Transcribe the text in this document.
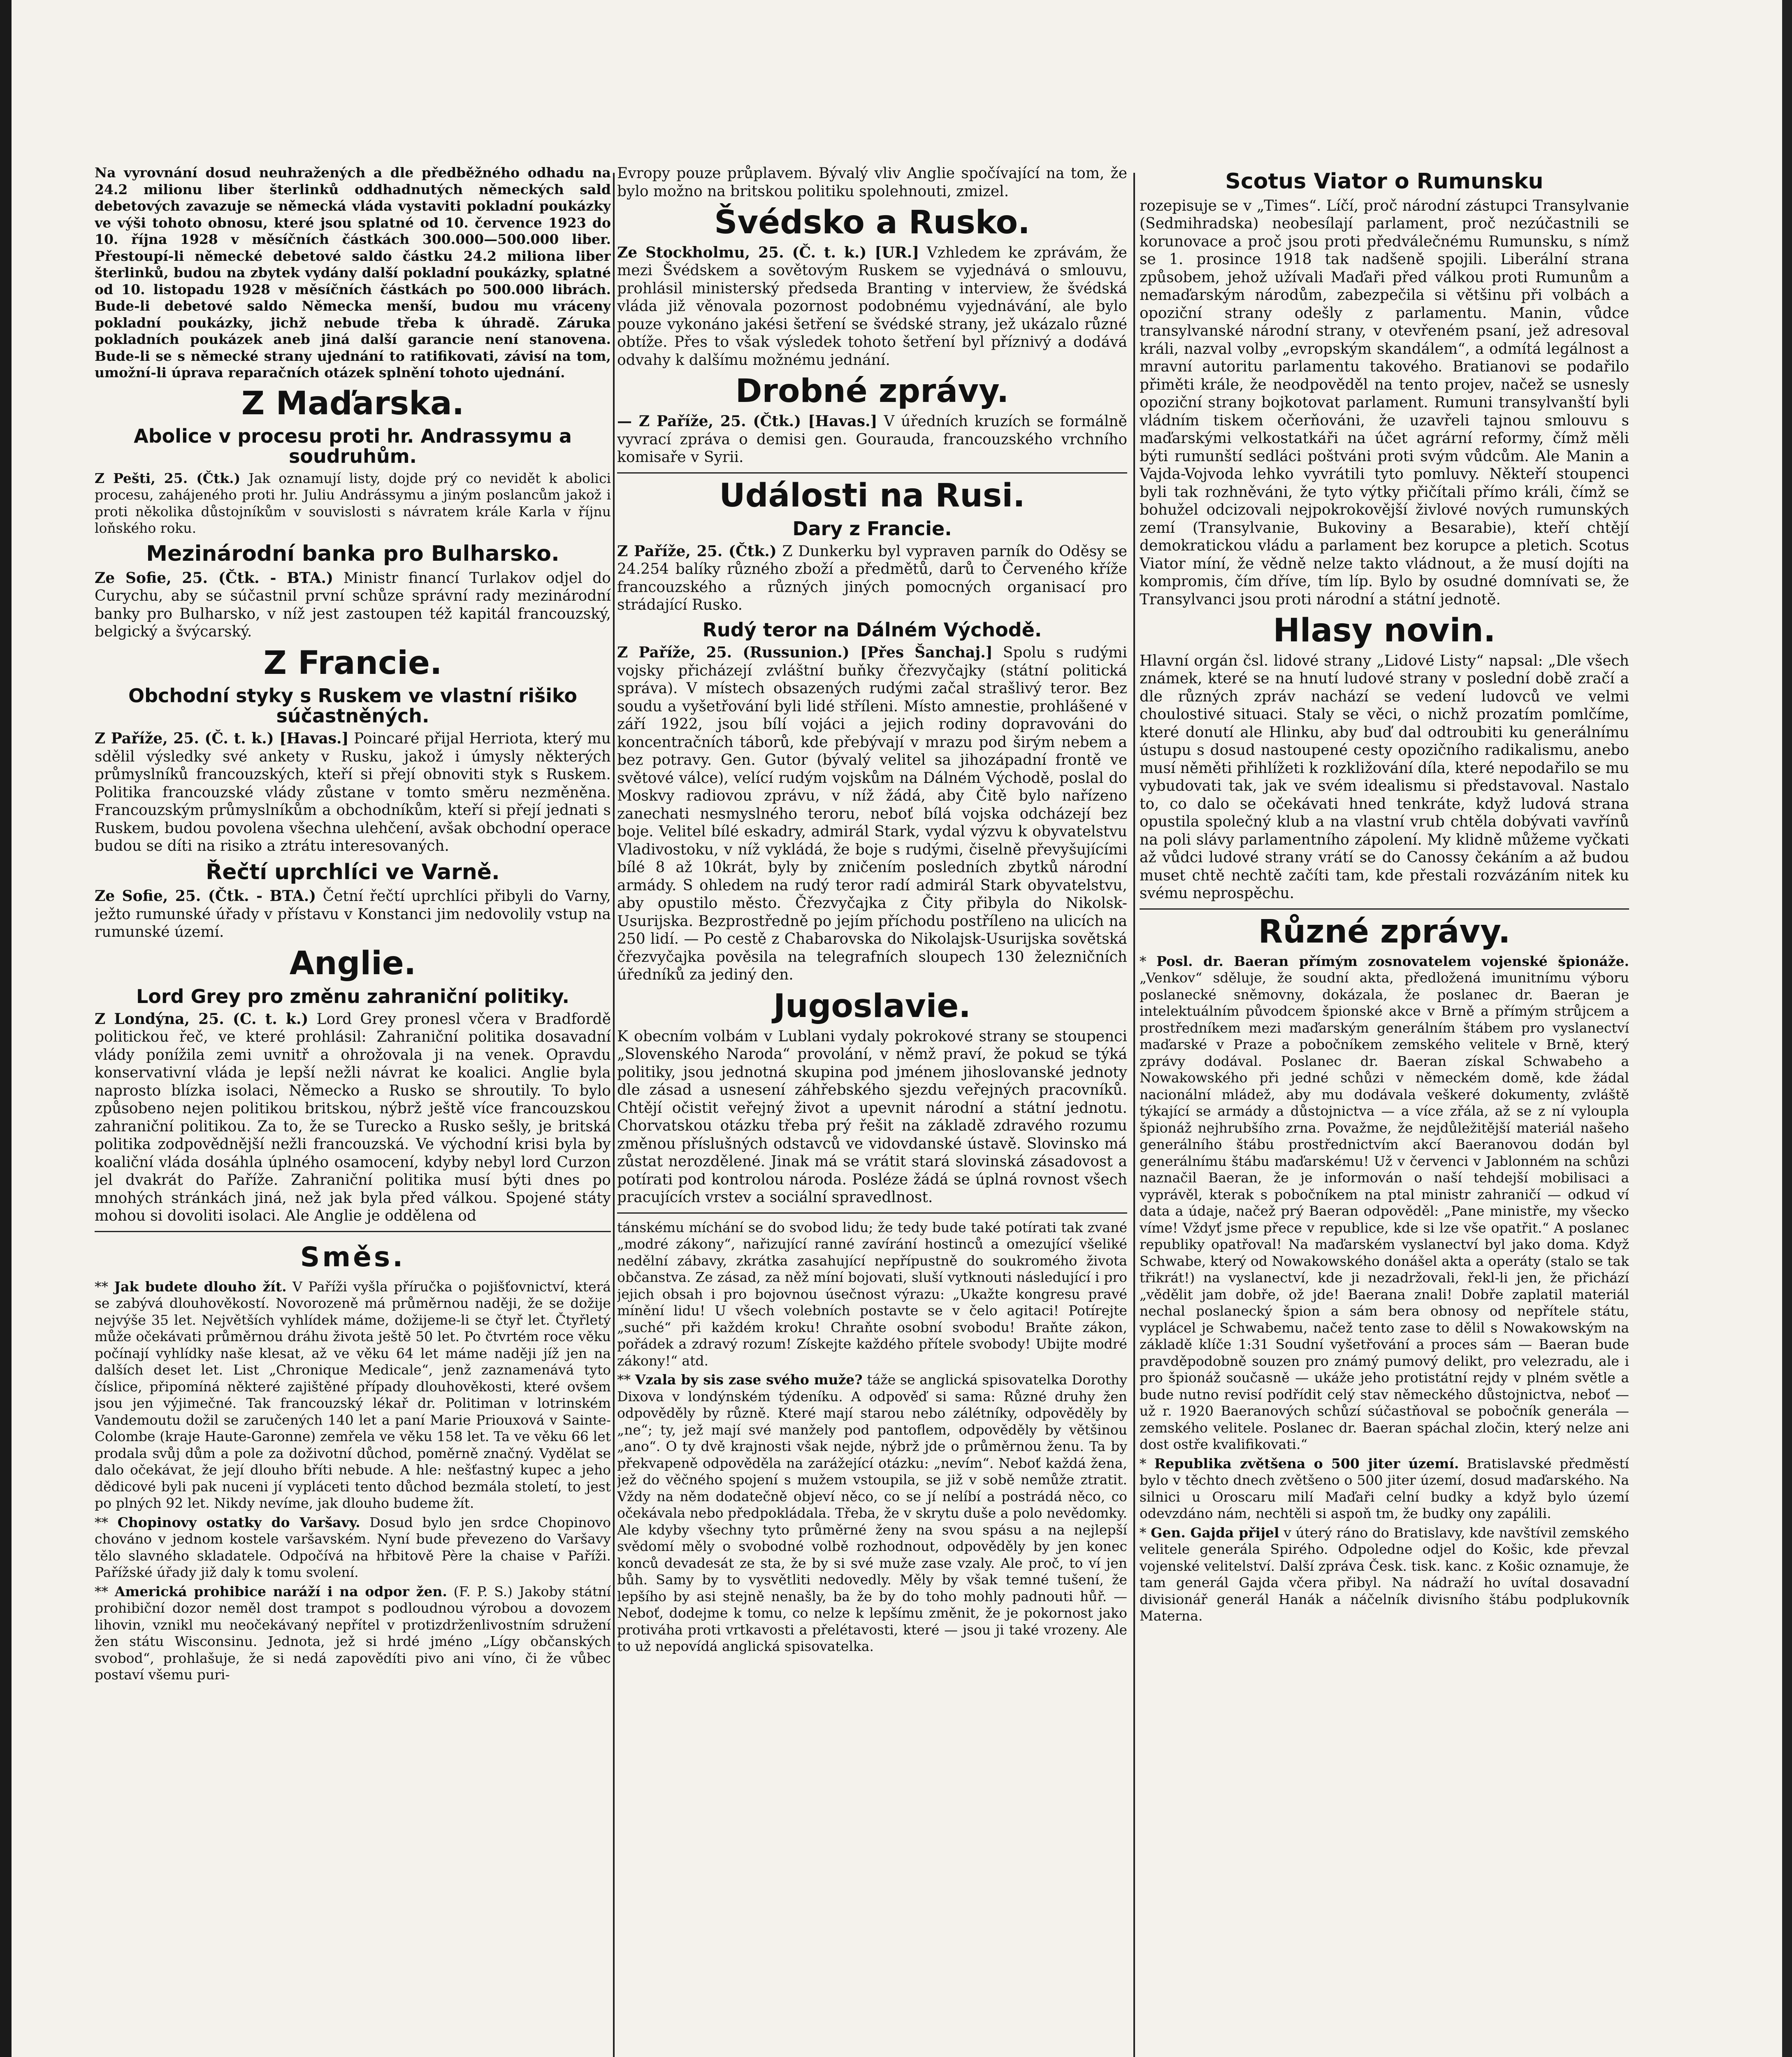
Na vyrovnání dosud neuhražených a dle předběžného odhadu na 24.2 milionu liber šterlinků oddhadnutých německých sald debetových zavazuje se německá vláda vystaviti pokladní poukázky ve výši tohoto obnosu, které jsou splatné od 10. července 1923 do 10. října 1928 v měsíčních částkách 300.000—500.000 liber. Přestoupí-li německé debetové saldo částku 24.2 miliona liber šterlinků, budou na zbytek vydány další pokladní poukázky, splatné od 10. listopadu 1928 v měsíčních částkách po 500.000 librách. Bude-li debetové saldo Německa menší, budou mu vráceny pokladní poukázky, jichž nebude třeba k úhradě. Záruka pokladních poukázek aneb jiná další garancie není stanovena. Bude-li se s německé strany ujednání to ratifikovati, závisí na tom, umožní-li úprava reparačních otázek splnění tohoto ujednání.

Z Maďarska.
Abolice v procesu proti hr. Andrassymu a soudruhům.

Z Pešti, 25. (Čtk.) Jak oznamují listy, dojde prý co nevidět k abolici procesu, zahájeného proti hr. Juliu Andrássymu a jiným poslancům jakož i proti několika důstojníkům v souvislosti s návratem krále Karla v říjnu loňského roku.

Mezinárodní banka pro Bulharsko.

Ze Sofie, 25. (Čtk. - BTA.) Ministr financí Turlakov odjel do Curychu, aby se súčastnil první schůze správní rady mezinárodní banky pro Bulharsko, v níž jest zastoupen též kapitál francouzský, belgický a švýcarský.

Z Francie.
Obchodní styky s Ruskem ve vlastní rišiko súčastněných.

Z Paříže, 25. (Č. t. k.) [Havas.] Poincaré přijal Herriota, který mu sdělil výsledky své ankety v Rusku, jakož i úmysly některých průmyslníků francouzských, kteří si přejí obnoviti styk s Ruskem. Politika francouzské vlády zůstane v tomto směru nezměněna. Francouzským průmyslníkům a obchodníkům, kteří si přejí jednati s Ruskem, budou povolena všechna ulehčení, avšak obchodní operace budou se díti na risiko a ztrátu interesovaných.

Řečtí uprchlíci ve Varně.

Ze Sofie, 25. (Čtk. - BTA.) Četní řečtí uprchlíci přibyli do Varny, ježto rumunské úřady v přístavu v Konstanci jim nedovolily vstup na rumunské území.

Anglie.
Lord Grey pro změnu zahraniční politiky.

Z Londýna, 25. (C. t. k.) Lord Grey pronesl včera v Bradfordě politickou řeč, ve které prohlásil: Zahraniční politika dosavadní vlády ponížila zemi uvnitř a ohrožovala ji na venek. Opravdu konservativní vláda je lepší nežli návrat ke koalici. Anglie byla naprosto blízka isolaci, Německo a Rusko se shroutily. To bylo způsobeno nejen politikou britskou, nýbrž ještě více francouzskou zahraniční politikou. Za to, že se Turecko a Rusko sešly, je britská politika zodpovědnější nežli francouzská. Ve východní krisi byla by koaliční vláda dosáhla úplného osamocení, kdyby nebyl lord Curzon jel dvakrát do Paříže. Zahraniční politika musí býti dnes po mnohých stránkách jiná, než jak byla před válkou. Spojené státy mohou si dovoliti isolaci. Ale Anglie je oddělena od

Směs.

** Jak budete dlouho žít. V Paříži vyšla příručka o pojišťovnictví, která se zabývá dlouhověkostí. Novorozeně má průměrnou naději, že se dožije nejvýše 35 let. Největších vyhlídek máme, dožijeme-li se čtyř let. Čtyřletý může očekávati průměrnou dráhu života ještě 50 let. Po čtvrtém roce věku počínají vyhlídky naše klesat, až ve věku 64 let máme naději jíž jen na dalších deset let. List „Chronique Medicale“, jenž zaznamenává tyto číslice, připomíná některé zajištěné případy dlouhověkosti, které ovšem jsou jen výjimečné. Tak francouzský lékař dr. Politiman v lotrinském Vandemoutu dožil se zaručených 140 let a paní Marie Priouxová v Sainte-Colombe (kraje Haute-Garonne) zemřela ve věku 158 let. Ta ve věku 66 let prodala svůj dům a pole za doživotní důchod, poměrně značný. Vydělat se dalo očekávat, že její dlouho bříti nebude. A hle: nešťastný kupec a jeho dědicové byli pak nuceni jí vypláceti tento důchod bezmála století, to jest po plných 92 let. Nikdy nevíme, jak dlouho budeme žít.

** Chopinovy ostatky do Varšavy. Dosud bylo jen srdce Chopinovo chováno v jednom kostele varšavském. Nyní bude převezeno do Varšavy tělo slavného skladatele. Odpočívá na hřbitově Père la chaise v Paříži. Pařížské úřady již daly k tomu svolení.

** Americká prohibice naráží i na odpor žen. (F. P. S.) Jakoby státní prohibiční dozor neměl dost trampot s podloudnou výrobou a dovozem lihovin, vznikl mu neočekávaný nepřítel v protizdrženlivostním sdružení žen státu Wisconsinu. Jednota, jež si hrdé jméno „Lígy občanských svobod“, prohlašuje, že si nedá zapovědíti pivo ani víno, či že vůbec postaví všemu puri-

Evropy pouze průplavem. Bývalý vliv Anglie spočívající na tom, že bylo možno na britskou politiku spolehnouti, zmizel.

Švédsko a Rusko.

Ze Stockholmu, 25. (Č. t. k.) [UR.] Vzhledem ke zprávám, že mezi Švédskem a sovětovým Ruskem se vyjednává o smlouvu, prohlásil ministerský předseda Branting v interview, že švédská vláda již věnovala pozornost podobnému vyjednávání, ale bylo pouze vykonáno jakési šetření se švédské strany, jež ukázalo různé obtíže. Přes to však výsledek tohoto šetření byl příznivý a dodává odvahy k dalšímu možnému jednání.

Drobné zprávy.

— Z Paříže, 25. (Čtk.) [Havas.] V úředních kruzích se formálně vyvrací zpráva o demisi gen. Gourauda, francouzského vrchního komisaře v Syrii.

Události na Rusi.
Dary z Francie.

Z Paříže, 25. (Čtk.) Z Dunkerku byl vypraven parník do Oděsy se 24.254 balíky různého zboží a předmětů, darů to Červeného kříže francouzského a různých jiných pomocných organisací pro strádající Rusko.

Rudý teror na Dálném Východě.

Z Paříže, 25. (Russunion.) [Přes Šanchaj.] Spolu s rudými vojsky přicházejí zvláštní buňky čřezvyčajky (státní politická správa). V místech obsazených rudými začal strašlivý teror. Bez soudu a vyšetřování byli lidé stříleni. Místo amnestie, prohlášené v září 1922, jsou bílí vojáci a jejich rodiny dopravováni do koncentračních táborů, kde přebývají v mrazu pod širým nebem a bez potravy. Gen. Gutor (bývalý velitel sa jihozápadní frontě ve světové válce), velící rudým vojskům na Dálném Východě, poslal do Moskvy radiovou zprávu, v níž žádá, aby Čitě bylo nařízeno zanechati nesmyslného teroru, neboť bílá vojska odcházejí bez boje. Velitel bílé eskadry, admirál Stark, vydal výzvu k obyvatelstvu Vladivostoku, v níž vykládá, že boje s rudými, čiselně převyšujícími bílé 8 až 10krát, byly by zničením posledních zbytků národní armády. S ohledem na rudý teror radí admirál Stark obyvatelstvu, aby opustilo město. Čřezvyčajka z Čity přibyla do Nikolsk-Usurijska. Bezprostředně po jejím příchodu postříleno na ulicích na 250 lidí. — Po cestě z Chabarovska do Nikolajsk-Usurijska sovětská čřezvyčajka pověsila na telegrafních sloupech 130 železničních úředníků za jediný den.

Jugoslavie.

K obecním volbám v Lublani vydaly pokrokové strany se stoupenci „Slovenského Naroda“ provolání, v němž praví, že pokud se týká politiky, jsou jednotná skupina pod jménem jihoslovanské jednoty dle zásad a usnesení záhřebského sjezdu veřejných pracovníků. Chtějí očistit veřejný život a upevnit národní a státní jednotu. Chorvatskou otázku třeba prý řešit na základě zdravého rozumu změnou příslušných odstavců ve vidovdanské ústavě. Slovinsko má zůstat nerozdělené. Jinak má se vrátit stará slovinská zásadovost a potírati pod kontrolou národa. Posléze žádá se úplná rovnost všech pracujících vrstev a sociální spravedlnost.

tánskému míchání se do svobod lidu; že tedy bude také potírati tak zvané „modré zákony“, nařizující ranné zavírání hostinců a omezující všeliké nedělní zábavy, zkrátka zasahující nepřípustně do soukromého života občanstva. Ze zásad, za něž míní bojovati, sluší vytknouti následující i pro jejich obsah i pro bojovnou úsečnost výrazu: „Ukažte kongresu pravé mínění lidu! U všech volebních postavte se v čelo agitaci! Potírejte „suché“ při každém kroku! Chraňte osobní svobodu! Braňte zákon, pořádek a zdravý rozum! Získejte každého přítele svobody! Ubijte modré zákony!“ atd.

** Vzala by sis zase svého muže? táže se anglická spisovatelka Dorothy Dixova v londýnském týdeníku. A odpověď si sama: Různé druhy žen odpověděly by různě. Které mají starou nebo zálétníky, odpověděly by „ne“; ty, jež mají své manžely pod pantoflem, odpověděly by většinou „ano“. O ty dvě krajnosti však nejde, nýbrž jde o průměrnou ženu. Ta by překvapeně odpověděla na zarážející otázku: „nevím“. Neboť každá žena, jež do věčného spojení s mužem vstoupila, se již v sobě nemůže ztratit. Vždy na něm dodatečně objeví něco, co se jí nelíbí a postrádá něco, co očekávala nebo předpokládala. Třeba, že v skrytu duše a polo nevědomky. Ale kdyby všechny tyto průměrné ženy na svou spásu a na nejlepší svědomí měly o svobodné volbě rozhodnout, odpověděly by jen konec konců devadesát ze sta, že by si své muže zase vzaly. Ale proč, to ví jen bůh. Samy by to vysvětliti nedovedly. Měly by však temné tušení, že lepšího by asi stejně nenašly, ba že by do toho mohly padnouti hůř. — Neboť, dodejme k tomu, co nelze k lepšímu změnit, že je pokornost jako protiváha proti vrtkavosti a přelétavosti, které — jsou ji také vrozeny. Ale to už nepovídá anglická spisovatelka.

Scotus Viator o Rumunsku

rozepisuje se v „Times“. Líčí, proč národní zástupci Transylvanie (Sedmihradska) neobesílají parlament, proč nezúčastnili se korunovace a proč jsou proti předválečnému Rumunsku, s nímž se 1. prosince 1918 tak nadšeně spojili. Liberální strana způsobem, jehož užívali Maďaři před válkou proti Rumunům a nemaďarským národům, zabezpečila si většinu při volbách a opoziční strany odešly z parlamentu. Manin, vůdce transylvanské národní strany, v otevřeném psaní, jež adresoval králi, nazval volby „evropským skandálem“, a odmítá legálnost a mravní autoritu parlamentu takového. Bratianovi se podařilo přiměti krále, že neodpověděl na tento projev, načež se usnesly opoziční strany bojkotovat parlament. Rumuni transylvanští byli vládním tiskem očerňováni, že uzavřeli tajnou smlouvu s maďarskými velkostatkáři na účet agrární reformy, čímž měli býti rumunští sedláci poštváni proti svým vůdcům. Ale Manin a Vajda-Vojvoda lehko vyvrátili tyto pomluvy. Někteří stoupenci byli tak rozhněváni, že tyto výtky přičítali přímo králi, čímž se bohužel odcizovali nejpokrokovější živlové nových rumunských zemí (Transylvanie, Bukoviny a Besarabie), kteří chtějí demokratickou vládu a parlament bez korupce a pletich. Scotus Viator míní, že vědně nelze takto vládnout, a že musí dojíti na kompromis, čím dříve, tím líp. Bylo by osudné domnívati se, že Transylvanci jsou proti národní a státní jednotě.

Hlasy novin.

Hlavní orgán čsl. lidové strany „Lidové Listy“ napsal: „Dle všech známek, které se na hnutí ludové strany v poslední době zračí a dle různých zpráv nachází se vedení ludovců ve velmi choulostivé situaci. Staly se věci, o nichž prozatím pomlčíme, které donutí ale Hlinku, aby buď dal odtroubiti ku generálnímu ústupu s dosud nastoupené cesty opozičního radikalismu, anebo musí něměti přihlížeti k rozkližování díla, které nepodařilo se mu vybudovati tak, jak ve svém idealismu si představoval. Nastalo to, co dalo se očekávati hned tenkráte, když ludová strana opustila společný klub a na vlastní vrub chtěla dobývati vavřínů na poli slávy parlamentního zápolení. My klidně můžeme vyčkati až vůdci ludové strany vrátí se do Canossy čekáním a až budou muset chtě nechtě začíti tam, kde přestali rozvázáním nitek ku svému neprospěchu.

Různé zprávy.

* Posl. dr. Baeran přímým zosnovatelem vojenské špionáže. „Venkov“ sděluje, že soudní akta, předložená imunitnímu výboru poslanecké sněmovny, dokázala, že poslanec dr. Baeran je intelektuálním původcem špionské akce v Brně a přímým strůjcem a prostředníkem mezi maďarským generálním štábem pro vyslanectví maďarské v Praze a pobočníkem zemského velitele v Brně, který zprávy dodával. Poslanec dr. Baeran získal Schwabeho a Nowakowského při jedné schůzi v německém domě, kde žádal nacionální mládež, aby mu dodávala veškeré dokumenty, zvláště týkající se armády a důstojnictva — a více zřála, až se z ní vyloupla špionáž nejhrubšího zrna. Považme, že nejdůležitější materiál našeho generálního štábu prostřednictvím akcí Baeranovou dodán byl generálnímu štábu maďarskému! Už v červenci v Jablonném na schůzi naznačil Baeran, že je informován o naší tehdejší mobilisaci a vyprávěl, kterak s pobočníkem na ptal ministr zahraničí — odkud ví data a údaje, načež prý Baeran odpověděl: „Pane ministře, my všecko víme! Vždyť jsme přece v republice, kde si lze vše opatřit.“ A poslanec republiky opatřoval! Na maďarském vyslanectví byl jako doma. Když Schwabe, který od Nowakowského donášel akta a operáty (stalo se tak třikrát!) na vyslanectví, kde ji nezadržovali, řekl-li jen, že přichází „vědělit jam dobře, ož jde! Baerana znali! Dobře zaplatil materiál nechal poslanecký špion a sám bera obnosy od nepřítele státu, vyplácel je Schwabemu, načež tento zase to dělil s Nowakowským na základě klíče 1:31 Soudní vyšetřování a proces sám — Baeran bude pravděpodobně souzen pro známý pumový delikt, pro velezradu, ale i pro špionáž současně — ukáže jeho protistátní rejdy v plném světle a bude nutno revisí podřídit celý stav německého důstojnictva, neboť — už r. 1920 Baeranových schůzí súčastňoval se pobočník generála — zemského velitele. Poslanec dr. Baeran spáchal zločin, který nelze ani dost ostře kvalifikovati.“

* Republika zvětšena o 500 jiter území. Bratislavské předměstí bylo v těchto dnech zvětšeno o 500 jiter území, dosud maďarského. Na silnici u Oroscaru milí Maďaři celní budky a když bylo území odevzdáno nám, nechtěli si aspoň tm, že budky ony zapálili.

* Gen. Gajda přijel v úterý ráno do Bratislavy, kde navštívil zemského velitele generála Spirého. Odpoledne odjel do Košic, kde převzal vojenské velitelství. Další zpráva Česk. tisk. kanc. z Košic oznamuje, že tam generál Gajda včera přibyl. Na nádraží ho uvítal dosavadní divisionář generál Hanák a náčelník divisního štábu podplukovník Materna.
